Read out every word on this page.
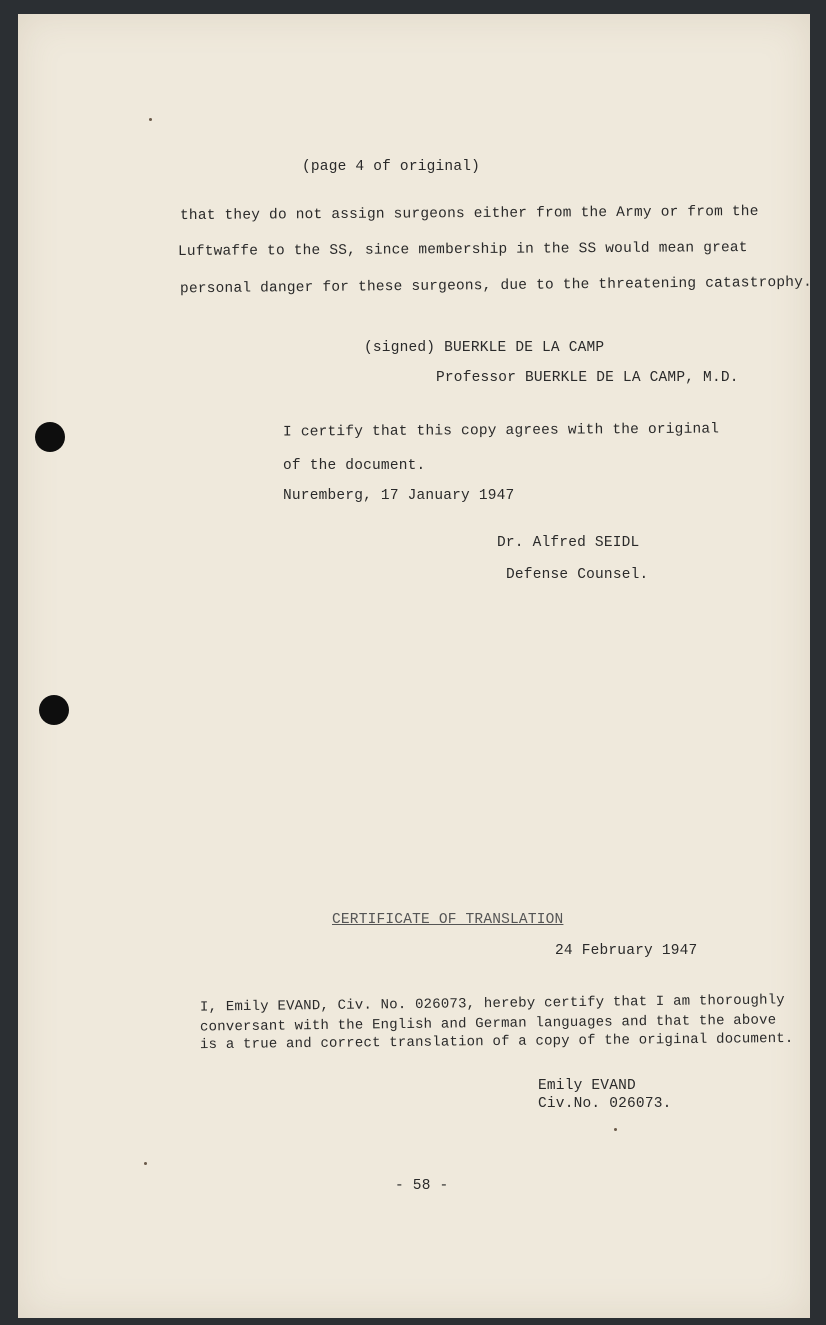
(page 4 of original)
that they do not assign surgeons either from the Army or from the
Luftwaffe to the SS, since membership in the SS would mean great
personal danger for these surgeons, due to the threatening catastrophy.
(signed) BUERKLE DE LA CAMP
Professor BUERKLE DE LA CAMP, M.D.
I certify that this copy agrees with the original
of the document.
Nuremberg, 17 January 1947
Dr. Alfred SEIDL
Defense Counsel.
CERTIFICATE OF TRANSLATION
24 February 1947
I, Emily EVAND, Civ. No. 026073, hereby certify that I am thoroughly
conversant with the English and German languages and that the above
is a true and correct translation of a copy of the original document.
Emily EVAND
Civ.No. 026073.
- 58 -
